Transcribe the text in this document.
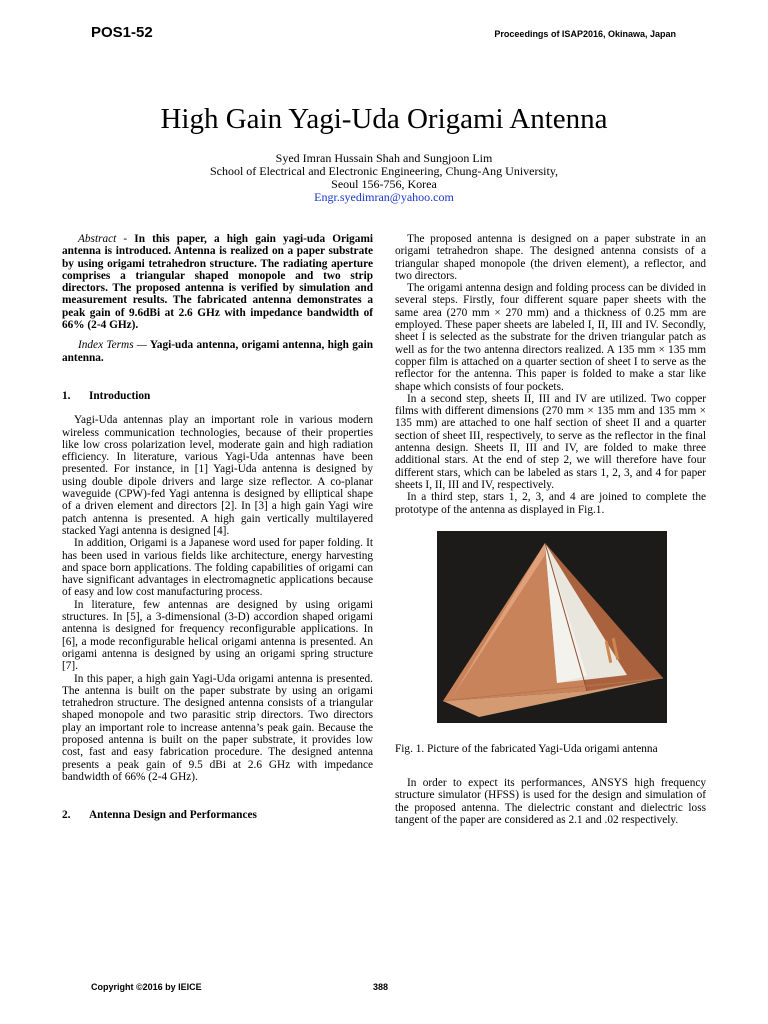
POS1-52	Proceedings of ISAP2016, Okinawa, Japan
High Gain Yagi-Uda Origami Antenna
Syed Imran Hussain Shah and Sungjoon Lim
School of Electrical and Electronic Engineering, Chung-Ang University,
Seoul 156-756, Korea
Engr.syedimran@yahoo.com

Abstract - In this paper, a high gain yagi-uda Origami antenna is introduced. Antenna is realized on a paper substrate by using origami tetrahedron structure. The radiating aperture comprises a triangular shaped monopole and two strip directors. The proposed antenna is verified by simulation and measurement results. The fabricated antenna demonstrates a peak gain of 9.6dBi at 2.6 GHz with impedance bandwidth of 66% (2-4 GHz).

Index Terms — Yagi-uda antenna, origami antenna, high gain antenna.

1. Introduction

Yagi-Uda antennas play an important role in various modern wireless communication technologies, because of their properties like low cross polarization level, moderate gain and high radiation efficiency. In literature, various Yagi-Uda antennas have been presented. For instance, in [1] Yagi-Uda antenna is designed by using double dipole drivers and large size reflector. A co-planar waveguide (CPW)-fed Yagi antenna is designed by elliptical shape of a driven element and directors [2]. In [3] a high gain Yagi wire patch antenna is presented. A high gain vertically multilayered stacked Yagi antenna is designed [4].

In addition, Origami is a Japanese word used for paper folding. It has been used in various fields like architecture, energy harvesting and space born applications. The folding capabilities of origami can have significant advantages in electromagnetic applications because of easy and low cost manufacturing process.

In literature, few antennas are designed by using origami structures. In [5], a 3-dimensional (3-D) accordion shaped origami antenna is designed for frequency reconfigurable applications. In [6], a mode reconfigurable helical origami antenna is presented. An origami antenna is designed by using an origami spring structure [7].

In this paper, a high gain Yagi-Uda origami antenna is presented. The antenna is built on the paper substrate by using an origami tetrahedron structure. The designed antenna consists of a triangular shaped monopole and two parasitic strip directors. Two directors play an important role to increase antenna’s peak gain. Because the proposed antenna is built on the paper substrate, it provides low cost, fast and easy fabrication procedure. The designed antenna presents a peak gain of 9.5 dBi at 2.6 GHz with impedance bandwidth of 66% (2-4 GHz).

2. Antenna Design and Performances

The proposed antenna is designed on a paper substrate in an origami tetrahedron shape. The designed antenna consists of a triangular shaped monopole (the driven element), a reflector, and two directors.

The origami antenna design and folding process can be divided in several steps. Firstly, four different square paper sheets with the same area (270 mm × 270 mm) and a thickness of 0.25 mm are employed. These paper sheets are labeled I, II, III and IV. Secondly, sheet I is selected as the substrate for the driven triangular patch as well as for the two antenna directors realized. A 135 mm × 135 mm copper film is attached on a quarter section of sheet I to serve as the reflector for the antenna. This paper is folded to make a star like shape which consists of four pockets.

In a second step, sheets II, III and IV are utilized. Two copper films with different dimensions (270 mm × 135 mm and 135 mm × 135 mm) are attached to one half section of sheet II and a quarter section of sheet III, respectively, to serve as the reflector in the final antenna design. Sheets II, III and IV, are folded to make three additional stars. At the end of step 2, we will therefore have four different stars, which can be labeled as stars 1, 2, 3, and 4 for paper sheets I, II, III and IV, respectively.

In a third step, stars 1, 2, 3, and 4 are joined to complete the prototype of the antenna as displayed in Fig.1.

Fig. 1. Picture of the fabricated Yagi-Uda origami antenna

In order to expect its performances, ANSYS high frequency structure simulator (HFSS) is used for the design and simulation of the proposed antenna. The dielectric constant and dielectric loss tangent of the paper are considered as 2.1 and .02 respectively.

Copyright ©2016 by IEICE	388
